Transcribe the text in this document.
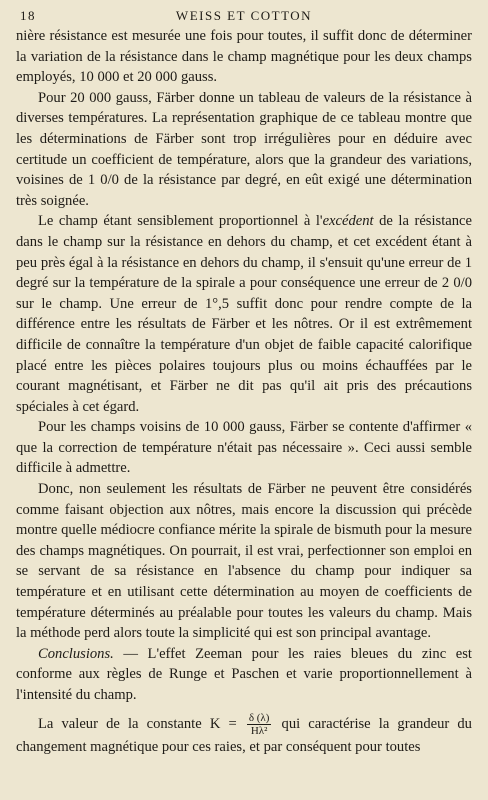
18	WEISS ET COTTON

nière résistance est mesurée une fois pour toutes, il suffit donc de déterminer la variation de la résistance dans le champ magnétique pour les deux champs employés, 10 000 et 20 000 gauss.

Pour 20 000 gauss, Färber donne un tableau de valeurs de la résistance à diverses températures. La représentation graphique de ce tableau montre que les déterminations de Färber sont trop irrégulières pour en déduire avec certitude un coefficient de température, alors que la grandeur des variations, voisines de 1 0/0 de la résistance par degré, en eût exigé une détermination très soignée.

Le champ étant sensiblement proportionnel à l'excédent de la résistance dans le champ sur la résistance en dehors du champ, et cet excédent étant à peu près égal à la résistance en dehors du champ, il s'ensuit qu'une erreur de 1 degré sur la température de la spirale a pour conséquence une erreur de 2 0/0 sur le champ. Une erreur de 1°,5 suffit donc pour rendre compte de la différence entre les résultats de Färber et les nôtres. Or il est extrêmement difficile de connaître la température d'un objet de faible capacité calorifique placé entre les pièces polaires toujours plus ou moins échauffées par le courant magnétisant, et Färber ne dit pas qu'il ait pris des précautions spéciales à cet égard.

Pour les champs voisins de 10 000 gauss, Färber se contente d'affirmer « que la correction de température n'était pas nécessaire ». Ceci aussi semble difficile à admettre.

Donc, non seulement les résultats de Färber ne peuvent être considérés comme faisant objection aux nôtres, mais encore la discussion qui précède montre quelle médiocre confiance mérite la spirale de bismuth pour la mesure des champs magnétiques. On pourrait, il est vrai, perfectionner son emploi en se servant de sa résistance en l'absence du champ pour indiquer sa température et en utilisant cette détermination au moyen de coefficients de température déterminés au préalable pour toutes les valeurs du champ. Mais la méthode perd alors toute la simplicité qui est son principal avantage.

Conclusions. — L'effet Zeeman pour les raies bleues du zinc est conforme aux règles de Runge et Paschen et varie proportionnellement à l'intensité du champ.

La valeur de la constante $K = \frac{\delta (\lambda)}{\text{Hλ²}}$ qui caractérise la grandeur du changement magnétique pour ces raies, et par conséquent pour toutes
